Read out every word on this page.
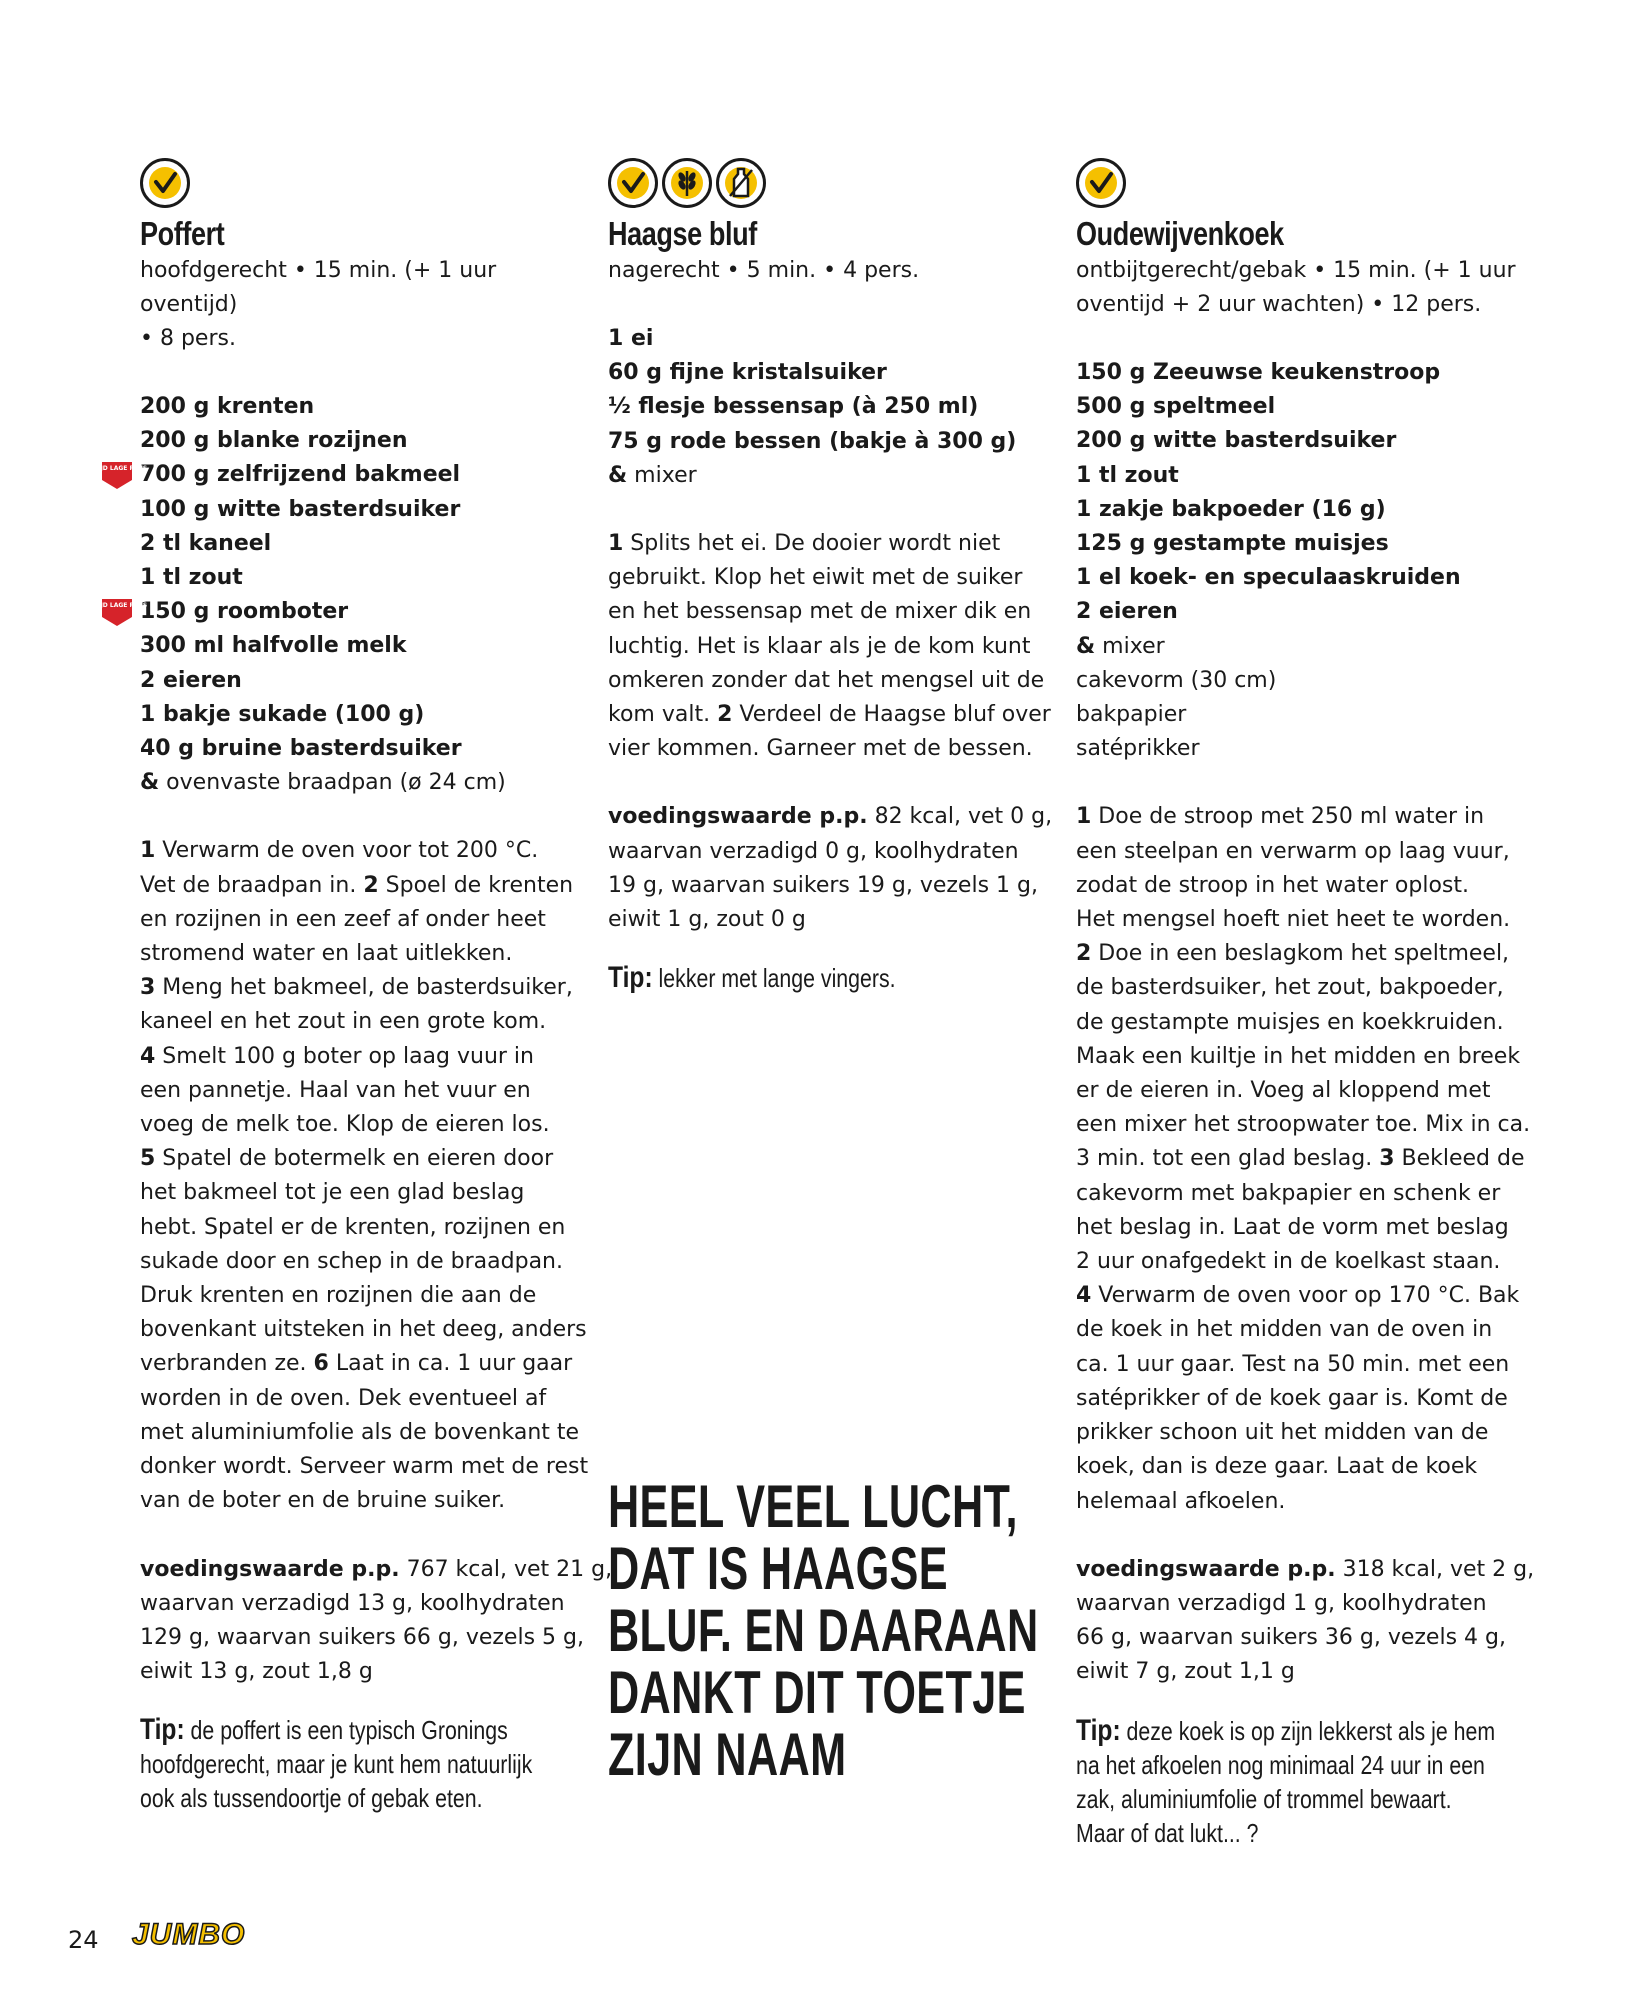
Poffert
hoofdgerecht • 15 min. (+ 1 uur oventijd)
• 8 pers.
200 g krenten
200 g blanke rozijnen
ALTIJD LAGE PRIJS
700 g zelfrijzend bakmeel
100 g witte basterdsuiker
2 tl kaneel
1 tl zout
ALTIJD LAGE PRIJS
150 g roomboter
300 ml halfvolle melk
2 eieren
1 bakje sukade (100 g)
40 g bruine basterdsuiker
& ovenvaste braadpan (ø 24 cm)
1 Verwarm de oven voor tot 200 °C.
Vet de braadpan in. 2 Spoel de krenten
en rozijnen in een zeef af onder heet
stromend water en laat uitlekken.
3 Meng het bakmeel, de basterdsuiker,
kaneel en het zout in een grote kom.
4 Smelt 100 g boter op laag vuur in
een pannetje. Haal van het vuur en
voeg de melk toe. Klop de eieren los.
5 Spatel de botermelk en eieren door
het bakmeel tot je een glad beslag
hebt. Spatel er de krenten, rozijnen en
sukade door en schep in de braadpan.
Druk krenten en rozijnen die aan de
bovenkant uitsteken in het deeg, anders
verbranden ze. 6 Laat in ca. 1 uur gaar
worden in de oven. Dek eventueel af
met aluminiumfolie als de bovenkant te
donker wordt. Serveer warm met de rest
van de boter en de bruine suiker.
voedingswaarde p.p. 767 kcal, vet 21 g,
waarvan verzadigd 13 g, koolhydraten
129 g, waarvan suikers 66 g, vezels 5 g,
eiwit 13 g, zout 1,8 g
Tip: de poffert is een typisch Gronings
hoofdgerecht, maar je kunt hem natuurlijk
ook als tussendoortje of gebak eten.
Haagse bluf
nagerecht • 5 min. • 4 pers.
1 ei
60 g fijne kristalsuiker
½ flesje bessensap (à 250 ml)
75 g rode bessen (bakje à 300 g)
& mixer
1 Splits het ei. De dooier wordt niet
gebruikt. Klop het eiwit met de suiker
en het bessensap met de mixer dik en
luchtig. Het is klaar als je de kom kunt
omkeren zonder dat het mengsel uit de
kom valt. 2 Verdeel de Haagse bluf over
vier kommen. Garneer met de bessen.
voedingswaarde p.p. 82 kcal, vet 0 g,
waarvan verzadigd 0 g, koolhydraten
19 g, waarvan suikers 19 g, vezels 1 g,
eiwit 1 g, zout 0 g
Tip: lekker met lange vingers.
HEEL VEEL LUCHT,
DAT IS HAAGSE
BLUF. EN DAARAAN
DANKT DIT TOETJE
ZIJN NAAM
Oudewijvenkoek
ontbijtgerecht/gebak • 15 min. (+ 1 uur
oventijd + 2 uur wachten) • 12 pers.
150 g Zeeuwse keukenstroop
500 g speltmeel
200 g witte basterdsuiker
1 tl zout
1 zakje bakpoeder (16 g)
125 g gestampte muisjes
1 el koek- en speculaaskruiden
2 eieren
& mixer
cakevorm (30 cm)
bakpapier
satéprikker
1 Doe de stroop met 250 ml water in
een steelpan en verwarm op laag vuur,
zodat de stroop in het water oplost.
Het mengsel hoeft niet heet te worden.
2 Doe in een beslagkom het speltmeel,
de basterdsuiker, het zout, bakpoeder,
de gestampte muisjes en koekkruiden.
Maak een kuiltje in het midden en breek
er de eieren in. Voeg al kloppend met
een mixer het stroopwater toe. Mix in ca.
3 min. tot een glad beslag. 3 Bekleed de
cakevorm met bakpapier en schenk er
het beslag in. Laat de vorm met beslag
2 uur onafgedekt in de koelkast staan.
4 Verwarm de oven voor op 170 °C. Bak
de koek in het midden van de oven in
ca. 1 uur gaar. Test na 50 min. met een
satéprikker of de koek gaar is. Komt de
prikker schoon uit het midden van de
koek, dan is deze gaar. Laat de koek
helemaal afkoelen.
voedingswaarde p.p. 318 kcal, vet 2 g,
waarvan verzadigd 1 g, koolhydraten
66 g, waarvan suikers 36 g, vezels 4 g,
eiwit 7 g, zout 1,1 g
Tip: deze koek is op zijn lekkerst als je hem
na het afkoelen nog minimaal 24 uur in een
zak, aluminiumfolie of trommel bewaart.
Maar of dat lukt... ?
24 JUMBO
